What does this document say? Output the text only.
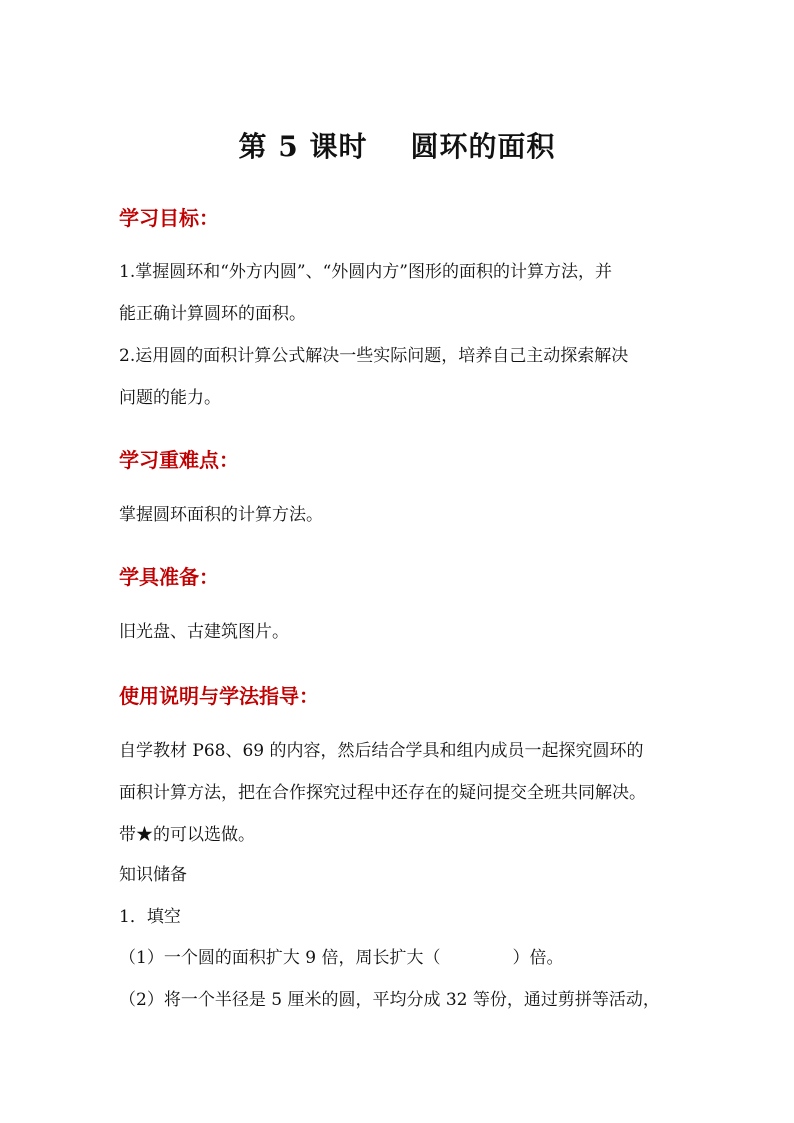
第 5 课时    圆环的面积
学习目标：
1.掌握圆环和“外方内圆”、“外圆内方”图形的面积的计算方法，并
能正确计算圆环的面积。
2.运用圆的面积计算公式解决一些实际问题，培养自己主动探索解决
问题的能力。
学习重难点：
掌握圆环面积的计算方法。
学具准备：
旧光盘、古建筑图片。
使用说明与学法指导：
自学教材 P68、69 的内容，然后结合学具和组内成员一起探究圆环的
面积计算方法，把在合作探究过程中还存在的疑问提交全班共同解决。
带★的可以选做。
知识储备
1．填空
（1）一个圆的面积扩大 9 倍，周长扩大（	）倍。
（2）将一个半径是 5 厘米的圆，平均分成 32 等份，通过剪拼等活动，
